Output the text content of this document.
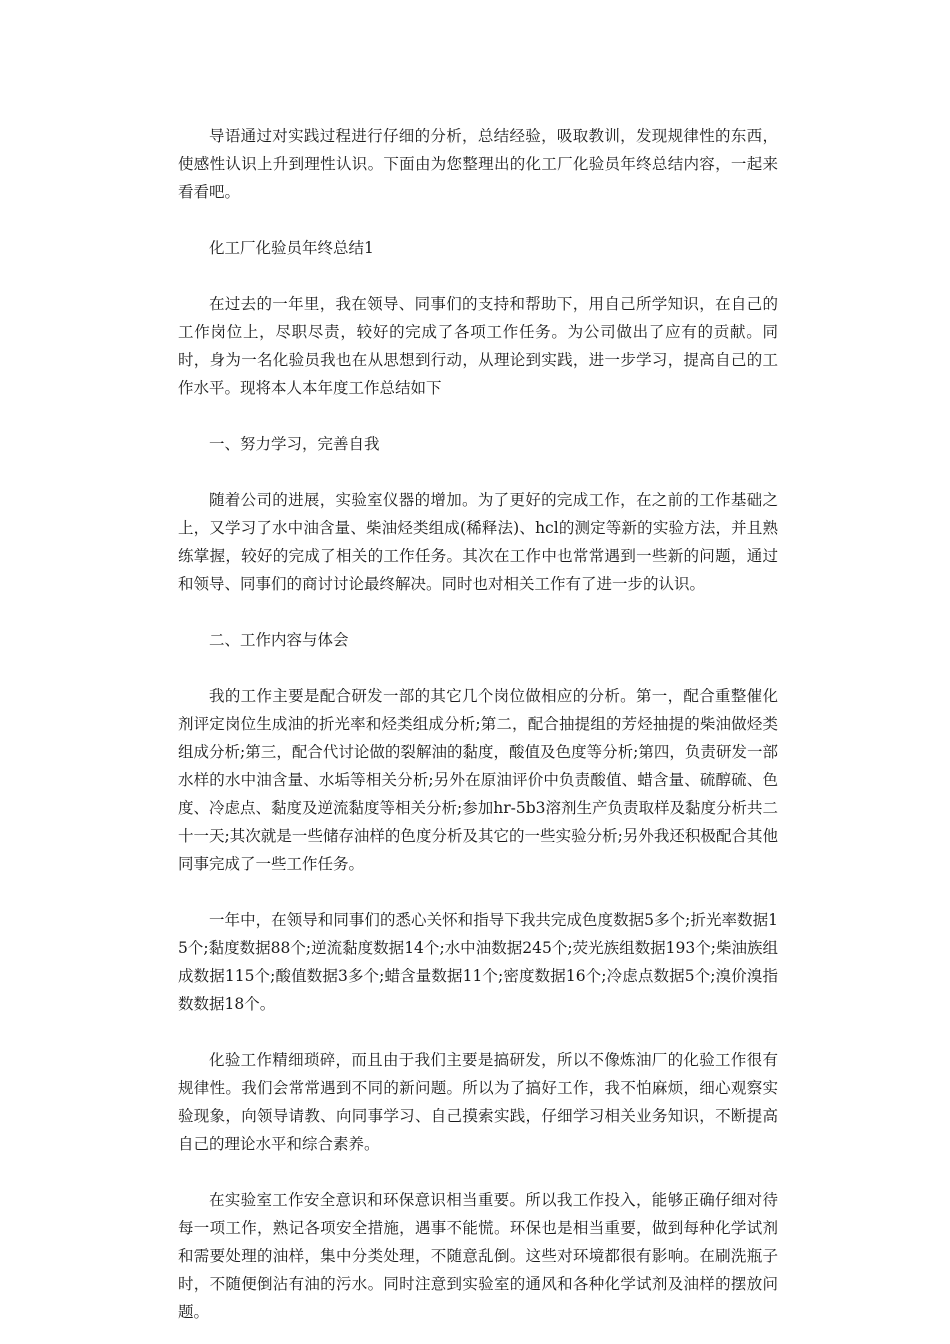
导语通过对实践过程进行仔细的分析，总结经验，吸取教训，发现规律性的东西，使感性认识上升到理性认识。下面由为您整理出的化工厂化验员年终总结内容，一起来看看吧。

化工厂化验员年终总结1

在过去的一年里，我在领导、同事们的支持和帮助下，用自己所学知识，在自己的工作岗位上，尽职尽责，较好的完成了各项工作任务。为公司做出了应有的贡献。同时，身为一名化验员我也在从思想到行动，从理论到实践，进一步学习，提高自己的工作水平。现将本人本年度工作总结如下

一、努力学习，完善自我

随着公司的进展，实验室仪器的增加。为了更好的完成工作，在之前的工作基础之上，又学习了水中油含量、柴油烃类组成(稀释法)、hcl的测定等新的实验方法，并且熟练掌握，较好的完成了相关的工作任务。其次在工作中也常常遇到一些新的问题，通过和领导、同事们的商讨讨论最终解决。同时也对相关工作有了进一步的认识。

二、工作内容与体会

我的工作主要是配合研发一部的其它几个岗位做相应的分析。第一，配合重整催化剂评定岗位生成油的折光率和烃类组成分析;第二，配合抽提组的芳烃抽提的柴油做烃类组成分析;第三，配合代讨论做的裂解油的黏度，酸值及色度等分析;第四，负责研发一部水样的水中油含量、水垢等相关分析;另外在原油评价中负责酸值、蜡含量、硫醇硫、色度、冷虑点、黏度及逆流黏度等相关分析;参加hr-5b3溶剂生产负责取样及黏度分析共二十一天;其次就是一些储存油样的色度分析及其它的一些实验分析;另外我还积极配合其他同事完成了一些工作任务。

一年中，在领导和同事们的悉心关怀和指导下我共完成色度数据5多个;折光率数据15个;黏度数据88个;逆流黏度数据14个;水中油数据245个;荧光族组数据193个;柴油族组成数据115个;酸值数据3多个;蜡含量数据11个;密度数据16个;冷虑点数据5个;溴价溴指数数据18个。

化验工作精细琐碎，而且由于我们主要是搞研发，所以不像炼油厂的化验工作很有规律性。我们会常常遇到不同的新问题。所以为了搞好工作，我不怕麻烦，细心观察实验现象，向领导请教、向同事学习、自己摸索实践，仔细学习相关业务知识，不断提高自己的理论水平和综合素养。

在实验室工作安全意识和环保意识相当重要。所以我工作投入，能够正确仔细对待每一项工作，熟记各项安全措施，遇事不能慌。环保也是相当重要，做到每种化学试剂和需要处理的油样，集中分类处理，不随意乱倒。这些对环境都很有影响。在刷洗瓶子时，不随便倒沾有油的污水。同时注意到实验室的通风和各种化学试剂及油样的摆放问题。
